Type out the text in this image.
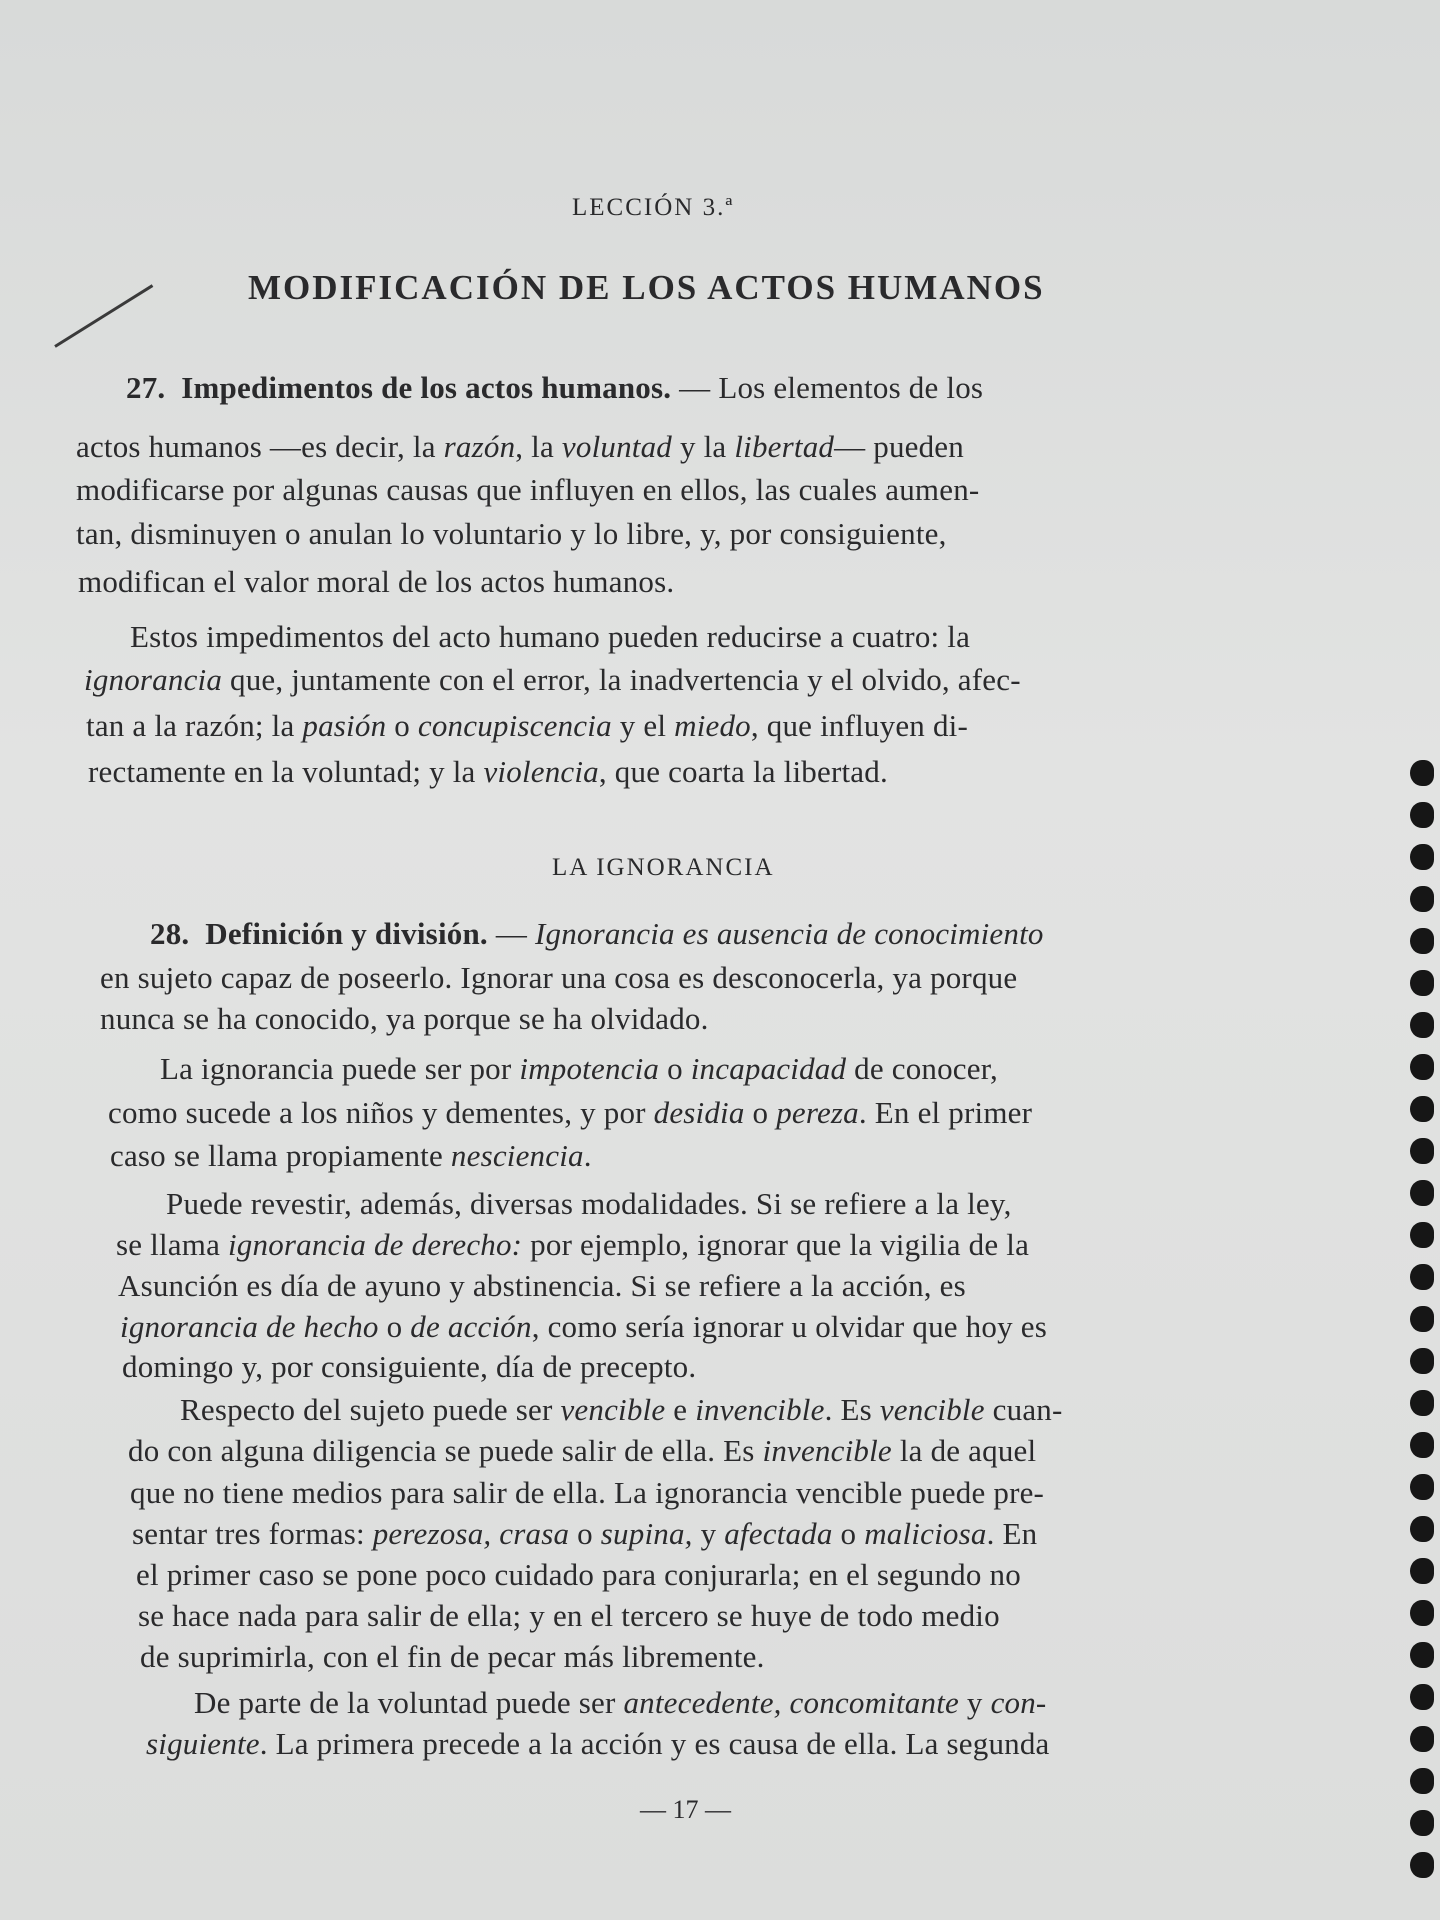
LECCIÓN 3.ª
MODIFICACIÓN DE LOS ACTOS HUMANOS
27. Impedimentos de los actos humanos. — Los elementos de los
actos humanos —es decir, la razón, la voluntad y la libertad— pueden
modificarse por algunas causas que influyen en ellos, las cuales aumen-
tan, disminuyen o anulan lo voluntario y lo libre, y, por consiguiente,
modifican el valor moral de los actos humanos.
Estos impedimentos del acto humano pueden reducirse a cuatro: la
ignorancia que, juntamente con el error, la inadvertencia y el olvido, afec-
tan a la razón; la pasión o concupiscencia y el miedo, que influyen di-
rectamente en la voluntad; y la violencia, que coarta la libertad.
LA IGNORANCIA
28. Definición y división. — Ignorancia es ausencia de conocimiento
en sujeto capaz de poseerlo. Ignorar una cosa es desconocerla, ya porque
nunca se ha conocido, ya porque se ha olvidado.
La ignorancia puede ser por impotencia o incapacidad de conocer,
como sucede a los niños y dementes, y por desidia o pereza. En el primer
caso se llama propiamente nesciencia.
Puede revestir, además, diversas modalidades. Si se refiere a la ley,
se llama ignorancia de derecho: por ejemplo, ignorar que la vigilia de la
Asunción es día de ayuno y abstinencia. Si se refiere a la acción, es
ignorancia de hecho o de acción, como sería ignorar u olvidar que hoy es
domingo y, por consiguiente, día de precepto.
Respecto del sujeto puede ser vencible e invencible. Es vencible cuan-
do con alguna diligencia se puede salir de ella. Es invencible la de aquel
que no tiene medios para salir de ella. La ignorancia vencible puede pre-
sentar tres formas: perezosa, crasa o supina, y afectada o maliciosa. En
el primer caso se pone poco cuidado para conjurarla; en el segundo no
se hace nada para salir de ella; y en el tercero se huye de todo medio
de suprimirla, con el fin de pecar más libremente.
De parte de la voluntad puede ser antecedente, concomitante y con-
siguiente. La primera precede a la acción y es causa de ella. La segunda
— 17 —
